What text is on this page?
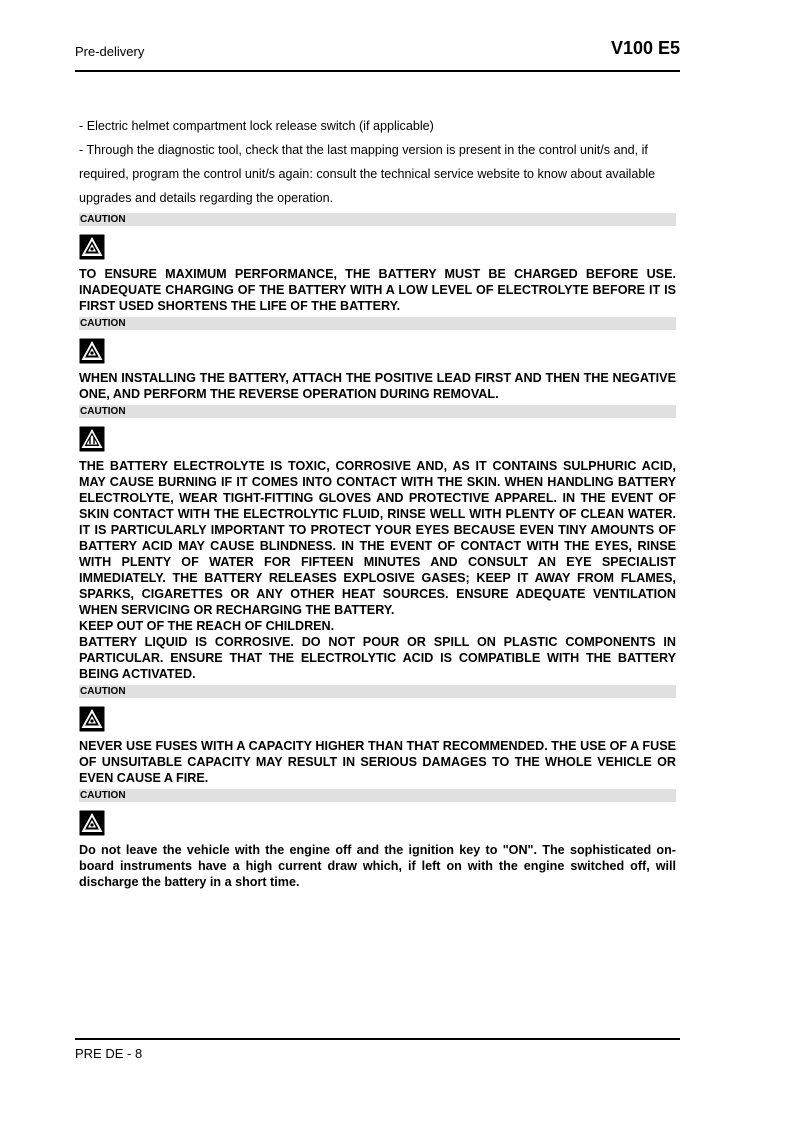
Pre-delivery	V100 E5

- Electric helmet compartment lock release switch (if applicable)

- Through the diagnostic tool, check that the last mapping version is present in the control unit/s and, if required, program the control unit/s again: consult the technical service website to know about available upgrades and details regarding the operation.

CAUTION

TO ENSURE MAXIMUM PERFORMANCE, THE BATTERY MUST BE CHARGED BEFORE USE. INADEQUATE CHARGING OF THE BATTERY WITH A LOW LEVEL OF ELECTROLYTE BEFORE IT IS FIRST USED SHORTENS THE LIFE OF THE BATTERY.

CAUTION

WHEN INSTALLING THE BATTERY, ATTACH THE POSITIVE LEAD FIRST AND THEN THE NEGATIVE ONE, AND PERFORM THE REVERSE OPERATION DURING REMOVAL.

CAUTION

THE BATTERY ELECTROLYTE IS TOXIC, CORROSIVE AND, AS IT CONTAINS SULPHURIC ACID, MAY CAUSE BURNING IF IT COMES INTO CONTACT WITH THE SKIN. WHEN HANDLING BATTERY ELECTROLYTE, WEAR TIGHT-FITTING GLOVES AND PROTECTIVE APPAREL. IN THE EVENT OF SKIN CONTACT WITH THE ELECTROLYTIC FLUID, RINSE WELL WITH PLENTY OF CLEAN WATER. IT IS PARTICULARLY IMPORTANT TO PROTECT YOUR EYES BECAUSE EVEN TINY AMOUNTS OF BATTERY ACID MAY CAUSE BLINDNESS. IN THE EVENT OF CONTACT WITH THE EYES, RINSE WITH PLENTY OF WATER FOR FIFTEEN MINUTES AND CONSULT AN EYE SPECIALIST IMMEDIATELY. THE BATTERY RELEASES EXPLOSIVE GASES; KEEP IT AWAY FROM FLAMES, SPARKS, CIGARETTES OR ANY OTHER HEAT SOURCES. ENSURE ADEQUATE VENTILATION WHEN SERVICING OR RECHARGING THE BATTERY.

KEEP OUT OF THE REACH OF CHILDREN.

BATTERY LIQUID IS CORROSIVE. DO NOT POUR OR SPILL ON PLASTIC COMPONENTS IN PARTICULAR. ENSURE THAT THE ELECTROLYTIC ACID IS COMPATIBLE WITH THE BATTERY BEING ACTIVATED.

CAUTION

NEVER USE FUSES WITH A CAPACITY HIGHER THAN THAT RECOMMENDED. THE USE OF A FUSE OF UNSUITABLE CAPACITY MAY RESULT IN SERIOUS DAMAGES TO THE WHOLE VEHICLE OR EVEN CAUSE A FIRE.

CAUTION

Do not leave the vehicle with the engine off and the ignition key to "ON". The sophisticated on-board instruments have a high current draw which, if left on with the engine switched off, will discharge the battery in a short time.

PRE DE - 8
